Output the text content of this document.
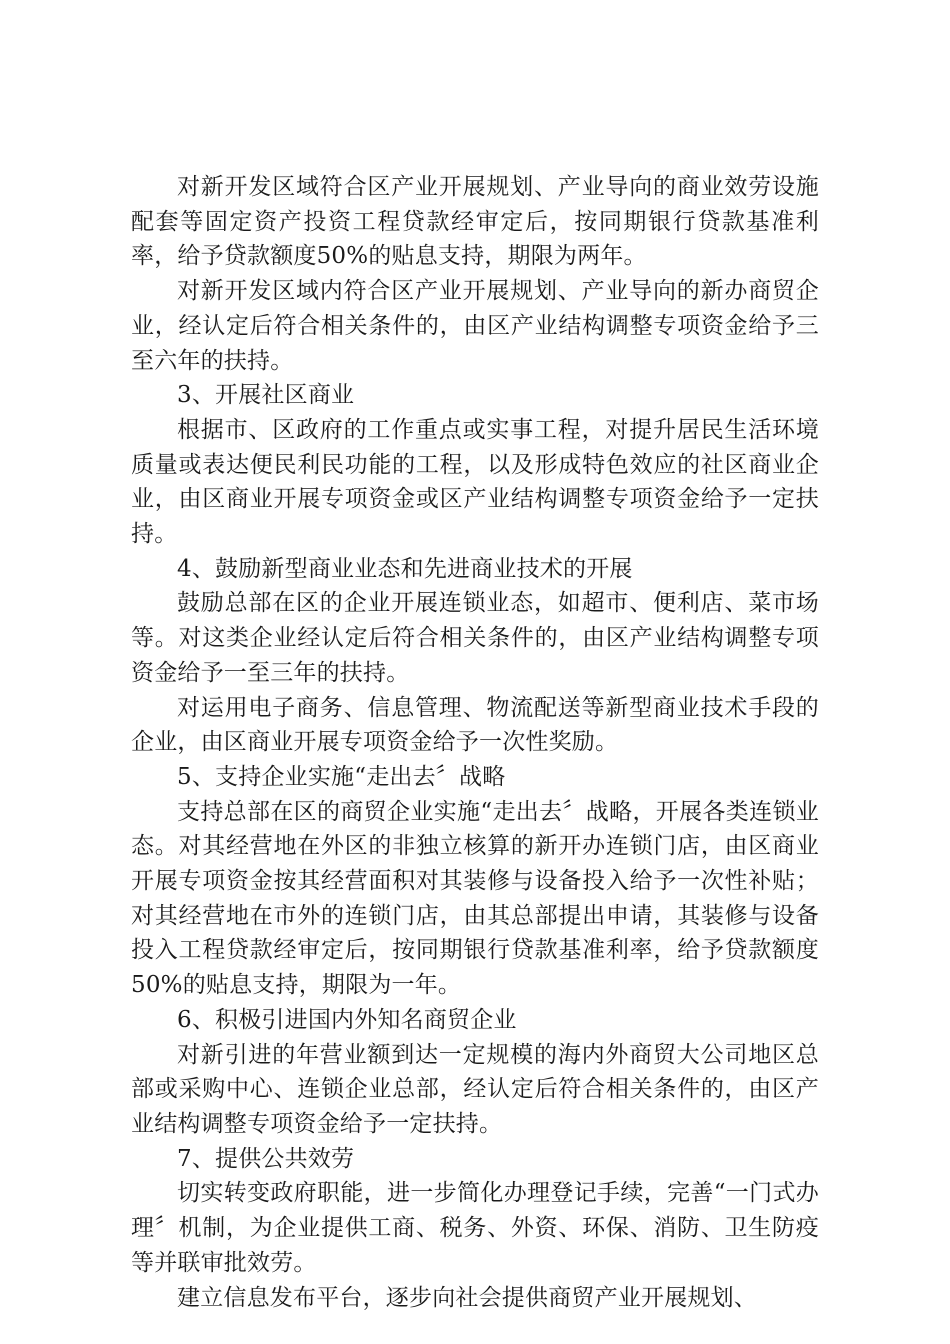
对新开发区域符合区产业开展规划、产业导向的商业效劳设施配套等固定资产投资工程贷款经审定后，按同期银行贷款基准利率，给予贷款额度50%的贴息支持，期限为两年。

对新开发区域内符合区产业开展规划、产业导向的新办商贸企业，经认定后符合相关条件的，由区产业结构调整专项资金给予三至六年的扶持。

3、开展社区商业

根据市、区政府的工作重点或实事工程，对提升居民生活环境质量或表达便民利民功能的工程，以及形成特色效应的社区商业企业，由区商业开展专项资金或区产业结构调整专项资金给予一定扶持。

4、鼓励新型商业业态和先进商业技术的开展

鼓励总部在区的企业开展连锁业态，如超市、便利店、菜市场等。对这类企业经认定后符合相关条件的，由区产业结构调整专项资金给予一至三年的扶持。

对运用电子商务、信息管理、物流配送等新型商业技术手段的企业，由区商业开展专项资金给予一次性奖励。

5、支持企业实施“走出去〞战略

支持总部在区的商贸企业实施“走出去〞战略，开展各类连锁业态。对其经营地在外区的非独立核算的新开办连锁门店，由区商业开展专项资金按其经营面积对其装修与设备投入给予一次性补贴；对其经营地在市外的连锁门店，由其总部提出申请，其装修与设备投入工程贷款经审定后，按同期银行贷款基准利率，给予贷款额度50%的贴息支持，期限为一年。

6、积极引进国内外知名商贸企业

对新引进的年营业额到达一定规模的海内外商贸大公司地区总部或采购中心、连锁企业总部，经认定后符合相关条件的，由区产业结构调整专项资金给予一定扶持。

7、提供公共效劳

切实转变政府职能，进一步简化办理登记手续，完善“一门式办理〞机制，为企业提供工商、税务、外资、环保、消防、卫生防疫等并联审批效劳。

建立信息发布平台，逐步向社会提供商贸产业开展规划、
